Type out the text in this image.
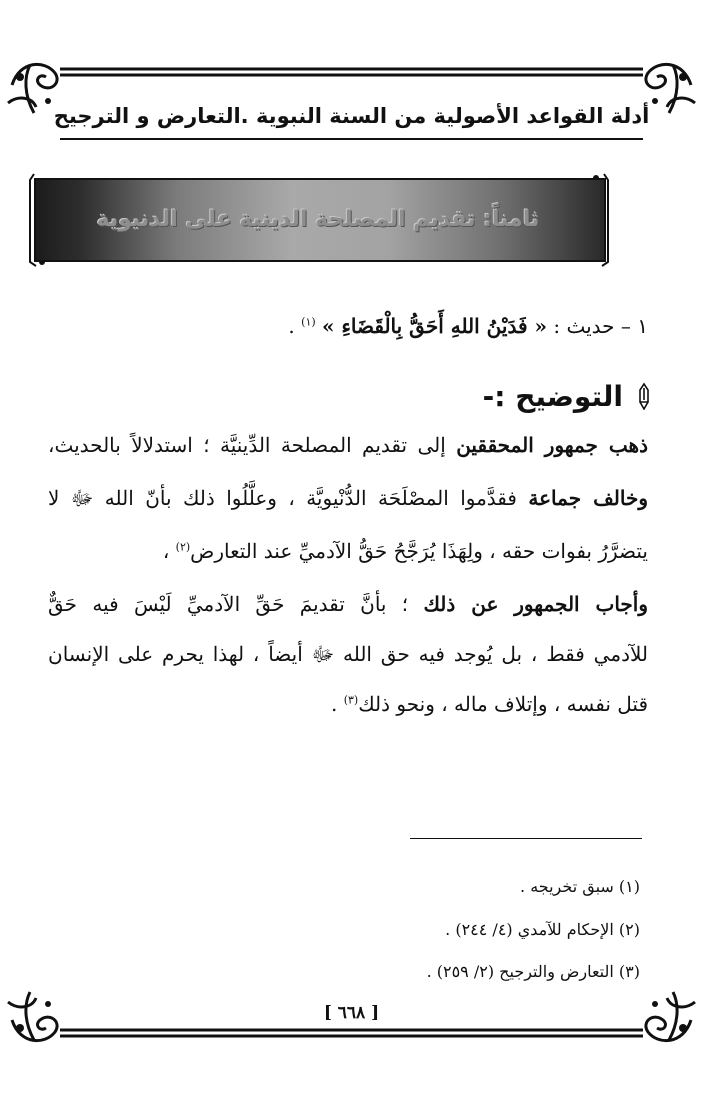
أدلة القواعد الأصولية من السنة النبوية .التعارض و الترجيح
ثامناً: تقديم المصلحة الدينية على الدنيوية
١ – حديث : « فَدَيْنُ اللهِ أَحَقُّ بِالْقَضَاءِ » $^{(١)}$ .
التوضيح :-
ذهب جمهور المحققين إلى تقديم المصلحة الدِّينيَّة ؛ استدلالاً بالحديث،
وخالف جماعة فقدَّموا المصْلَحَة الدُّنْيويَّة ، وعلَّلُوا ذلك بأنّ الله ﷻ لا
يتضرَّرُ بفوات حقه ، ولِهَذَا يُرَجَّحُ حَقُّ الآدميِّ عند التعارض$^{(٢)}$ ،
وأجاب الجمهور عن ذلك ؛ بأنَّ تقديمَ حَقِّ الآدميِّ لَيْسَ فيه حَقٌّ
للآدمي فقط ، بل يُوجد فيه حق الله ﷻ أيضاً ، لهذا يحرم على الإنسان
قتل نفسه ، وإتلاف ماله ، ونحو ذلك$^{(٣)}$ .
(١) سبق تخريجه .
(٢) الإحكام للآمدي (٤/ ٢٤٤) .
(٣) التعارض والترجيح (٢/ ٢٥٩) .
[ ٦٦٨ ]
